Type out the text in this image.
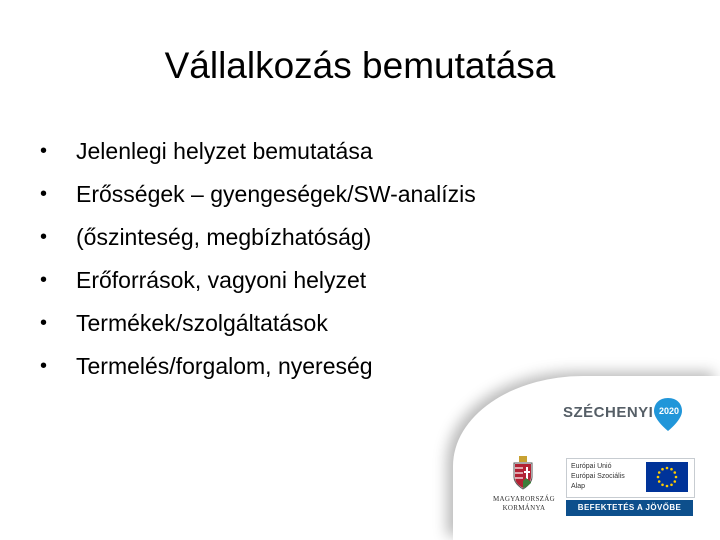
Vállalkozás bemutatása
•	Jelenlegi helyzet bemutatása
•	Erősségek – gyengeségek/SW-analízis
•	(őszinteség, megbízhatóság)
•	Erőforrások, vagyoni helyzet
•	Termékek/szolgáltatások
•	Termelés/forgalom, nyereség
SZÉCHENYI 2020
MAGYARORSZÁG
KORMÁNYA
Európai Unió
Európai Szociális
Alap
BEFEKTETÉS A JÖVŐBE
